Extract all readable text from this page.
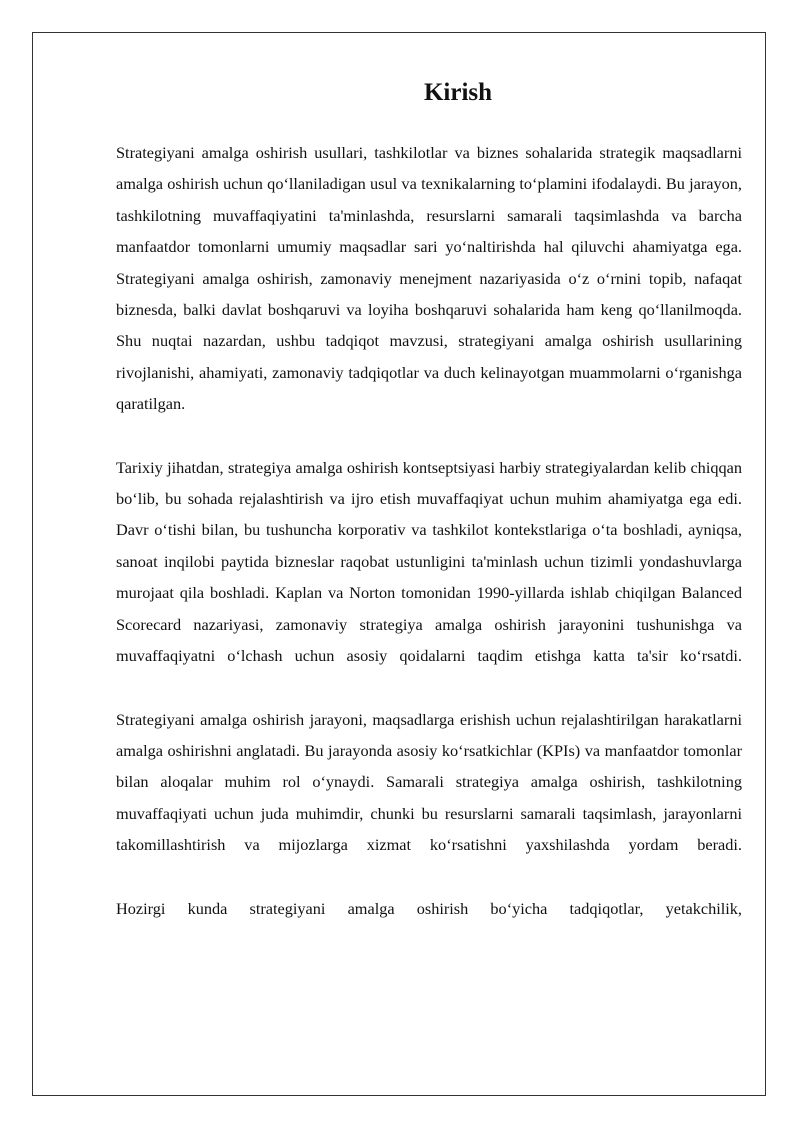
Kirish

Strategiyani amalga oshirish usullari, tashkilotlar va biznes sohalarida strategik maqsadlarni amalga oshirish uchun qo‘llaniladigan usul va texnikalarning to‘plamini ifodalaydi. Bu jarayon, tashkilotning muvaffaqiyatini ta'minlashda, resurslarni samarali taqsimlashda va barcha manfaatdor tomonlarni umumiy maqsadlar sari yo‘naltirishda hal qiluvchi ahamiyatga ega. Strategiyani amalga oshirish, zamonaviy menejment nazariyasida o‘z o‘rnini topib, nafaqat biznesda, balki davlat boshqaruvi va loyiha boshqaruvi sohalarida ham keng qo‘llanilmoqda. Shu nuqtai nazardan, ushbu tadqiqot mavzusi, strategiyani amalga oshirish usullarining rivojlanishi, ahamiyati, zamonaviy tadqiqotlar va duch kelinayotgan muammolarni o‘rganishga qaratilgan.

Tarixiy jihatdan, strategiya amalga oshirish kontseptsiyasi harbiy strategiyalardan kelib chiqqan bo‘lib, bu sohada rejalashtirish va ijro etish muvaffaqiyat uchun muhim ahamiyatga ega edi. Davr o‘tishi bilan, bu tushuncha korporativ va tashkilot kontekstlariga o‘ta boshladi, ayniqsa, sanoat inqilobi paytida bizneslar raqobat ustunligini ta'minlash uchun tizimli yondashuvlarga murojaat qila boshladi. Kaplan va Norton tomonidan 1990-yillarda ishlab chiqilgan Balanced Scorecard nazariyasi, zamonaviy strategiya amalga oshirish jarayonini tushunishga va muvaffaqiyatni o‘lchash uchun asosiy qoidalarni taqdim etishga katta ta'sir ko‘rsatdi.

Strategiyani amalga oshirish jarayoni, maqsadlarga erishish uchun rejalashtirilgan harakatlarni amalga oshirishni anglatadi. Bu jarayonda asosiy ko‘rsatkichlar (KPIs) va manfaatdor tomonlar bilan aloqalar muhim rol o‘ynaydi. Samarali strategiya amalga oshirish, tashkilotning muvaffaqiyati uchun juda muhimdir, chunki bu resurslarni samarali taqsimlash, jarayonlarni takomillashtirish va mijozlarga xizmat ko‘rsatishni yaxshilashda yordam beradi.

Hozirgi kunda strategiyani amalga oshirish bo‘yicha tadqiqotlar, yetakchilik,
